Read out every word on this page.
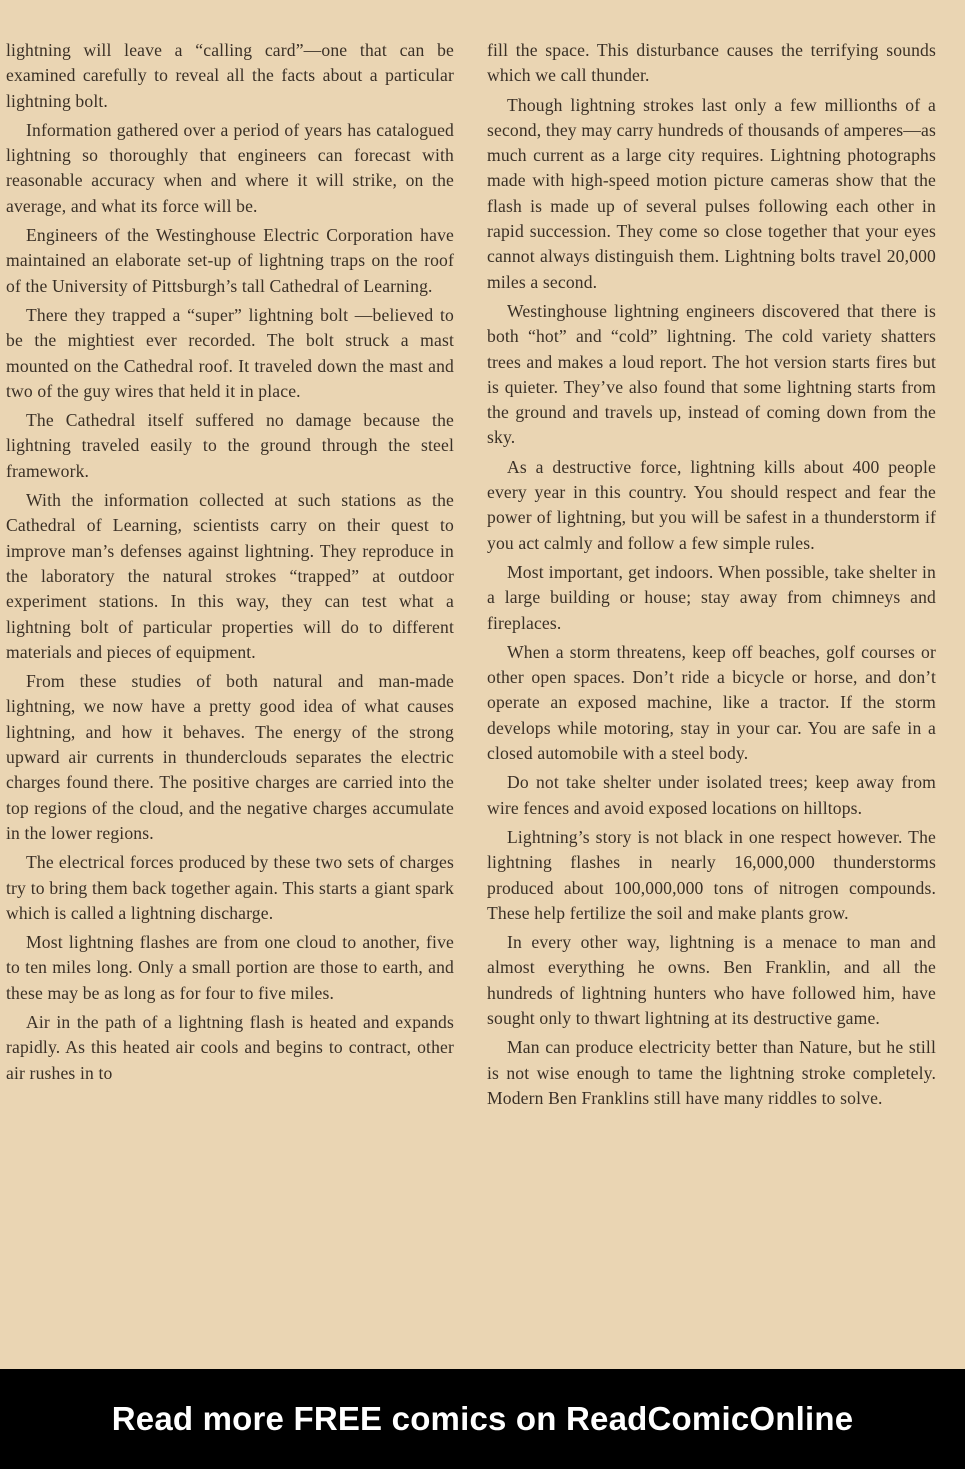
lightning will leave a “calling card”—one that can be examined carefully to reveal all the facts about a particular lightning bolt.

Information gathered over a period of years has catalogued lightning so thoroughly that engineers can forecast with reasonable accuracy when and where it will strike, on the average, and what its force will be.

Engineers of the Westinghouse Electric Corporation have maintained an elaborate set-up of lightning traps on the roof of the University of Pittsburgh’s tall Cathedral of Learning.

There they trapped a “super” lightning bolt —believed to be the mightiest ever recorded. The bolt struck a mast mounted on the Cathedral roof. It traveled down the mast and two of the guy wires that held it in place.

The Cathedral itself suffered no damage because the lightning traveled easily to the ground through the steel framework.

With the information collected at such stations as the Cathedral of Learning, scientists carry on their quest to improve man’s defenses against lightning. They reproduce in the laboratory the natural strokes “trapped” at outdoor experiment stations. In this way, they can test what a lightning bolt of particular properties will do to different materials and pieces of equipment.

From these studies of both natural and man-made lightning, we now have a pretty good idea of what causes lightning, and how it behaves. The energy of the strong upward air currents in thunderclouds separates the electric charges found there. The positive charges are carried into the top regions of the cloud, and the negative charges accumulate in the lower regions.

The electrical forces produced by these two sets of charges try to bring them back together again. This starts a giant spark which is called a lightning discharge.

Most lightning flashes are from one cloud to another, five to ten miles long. Only a small portion are those to earth, and these may be as long as for four to five miles.

Air in the path of a lightning flash is heated and expands rapidly. As this heated air cools and begins to contract, other air rushes in to

fill the space. This disturbance causes the terrifying sounds which we call thunder.

Though lightning strokes last only a few millionths of a second, they may carry hundreds of thousands of amperes—as much current as a large city requires. Lightning photographs made with high-speed motion picture cameras show that the flash is made up of several pulses following each other in rapid succession. They come so close together that your eyes cannot always distinguish them. Lightning bolts travel 20,000 miles a second.

Westinghouse lightning engineers discovered that there is both “hot” and “cold” lightning. The cold variety shatters trees and makes a loud report. The hot version starts fires but is quieter. They’ve also found that some lightning starts from the ground and travels up, instead of coming down from the sky.

As a destructive force, lightning kills about 400 people every year in this country. You should respect and fear the power of lightning, but you will be safest in a thunderstorm if you act calmly and follow a few simple rules.

Most important, get indoors. When possible, take shelter in a large building or house; stay away from chimneys and fireplaces.

When a storm threatens, keep off beaches, golf courses or other open spaces. Don’t ride a bicycle or horse, and don’t operate an exposed machine, like a tractor. If the storm develops while motoring, stay in your car. You are safe in a closed automobile with a steel body.

Do not take shelter under isolated trees; keep away from wire fences and avoid exposed locations on hilltops.

Lightning’s story is not black in one respect however. The lightning flashes in nearly 16,000,000 thunderstorms produced about 100,000,000 tons of nitrogen compounds. These help fertilize the soil and make plants grow.

In every other way, lightning is a menace to man and almost everything he owns. Ben Franklin, and all the hundreds of lightning hunters who have followed him, have sought only to thwart lightning at its destructive game.

Man can produce electricity better than Nature, but he still is not wise enough to tame the lightning stroke completely. Modern Ben Franklins still have many riddles to solve.

Read more FREE comics on ReadComicOnline
